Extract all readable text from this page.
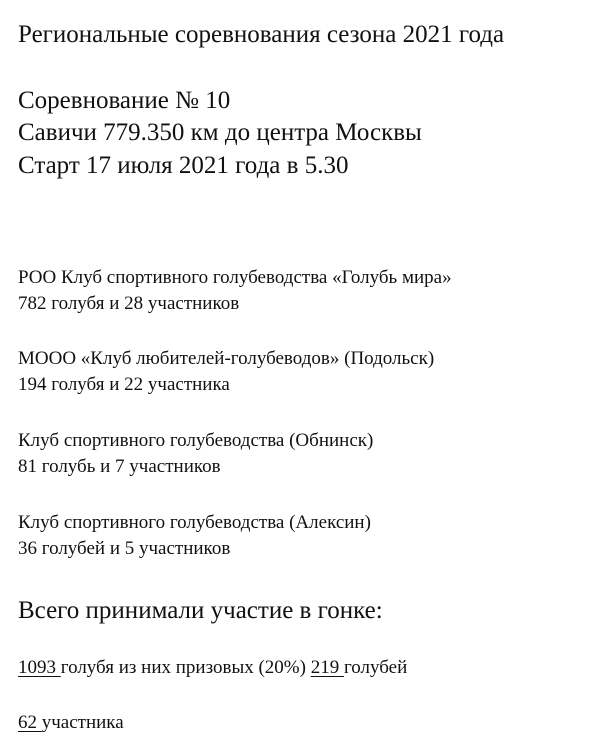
Региональные соревнования сезона 2021 года
Соревнование № 10
Савичи 779.350 км до центра Москвы
Старт 17 июля 2021 года в 5.30
РОО Клуб спортивного голубеводства «Голубь мира»
782 голубя и 28 участников
МООО «Клуб любителей-голубеводов» (Подольск)
194 голубя и 22 участника
Клуб спортивного голубеводства (Обнинск)
81 голубь и 7 участников
Клуб спортивного голубеводства (Алексин)
36 голубей и 5 участников
Всего принимали участие в гонке:
1093 голубя из них призовых (20%) 219 голубей
62 участника
